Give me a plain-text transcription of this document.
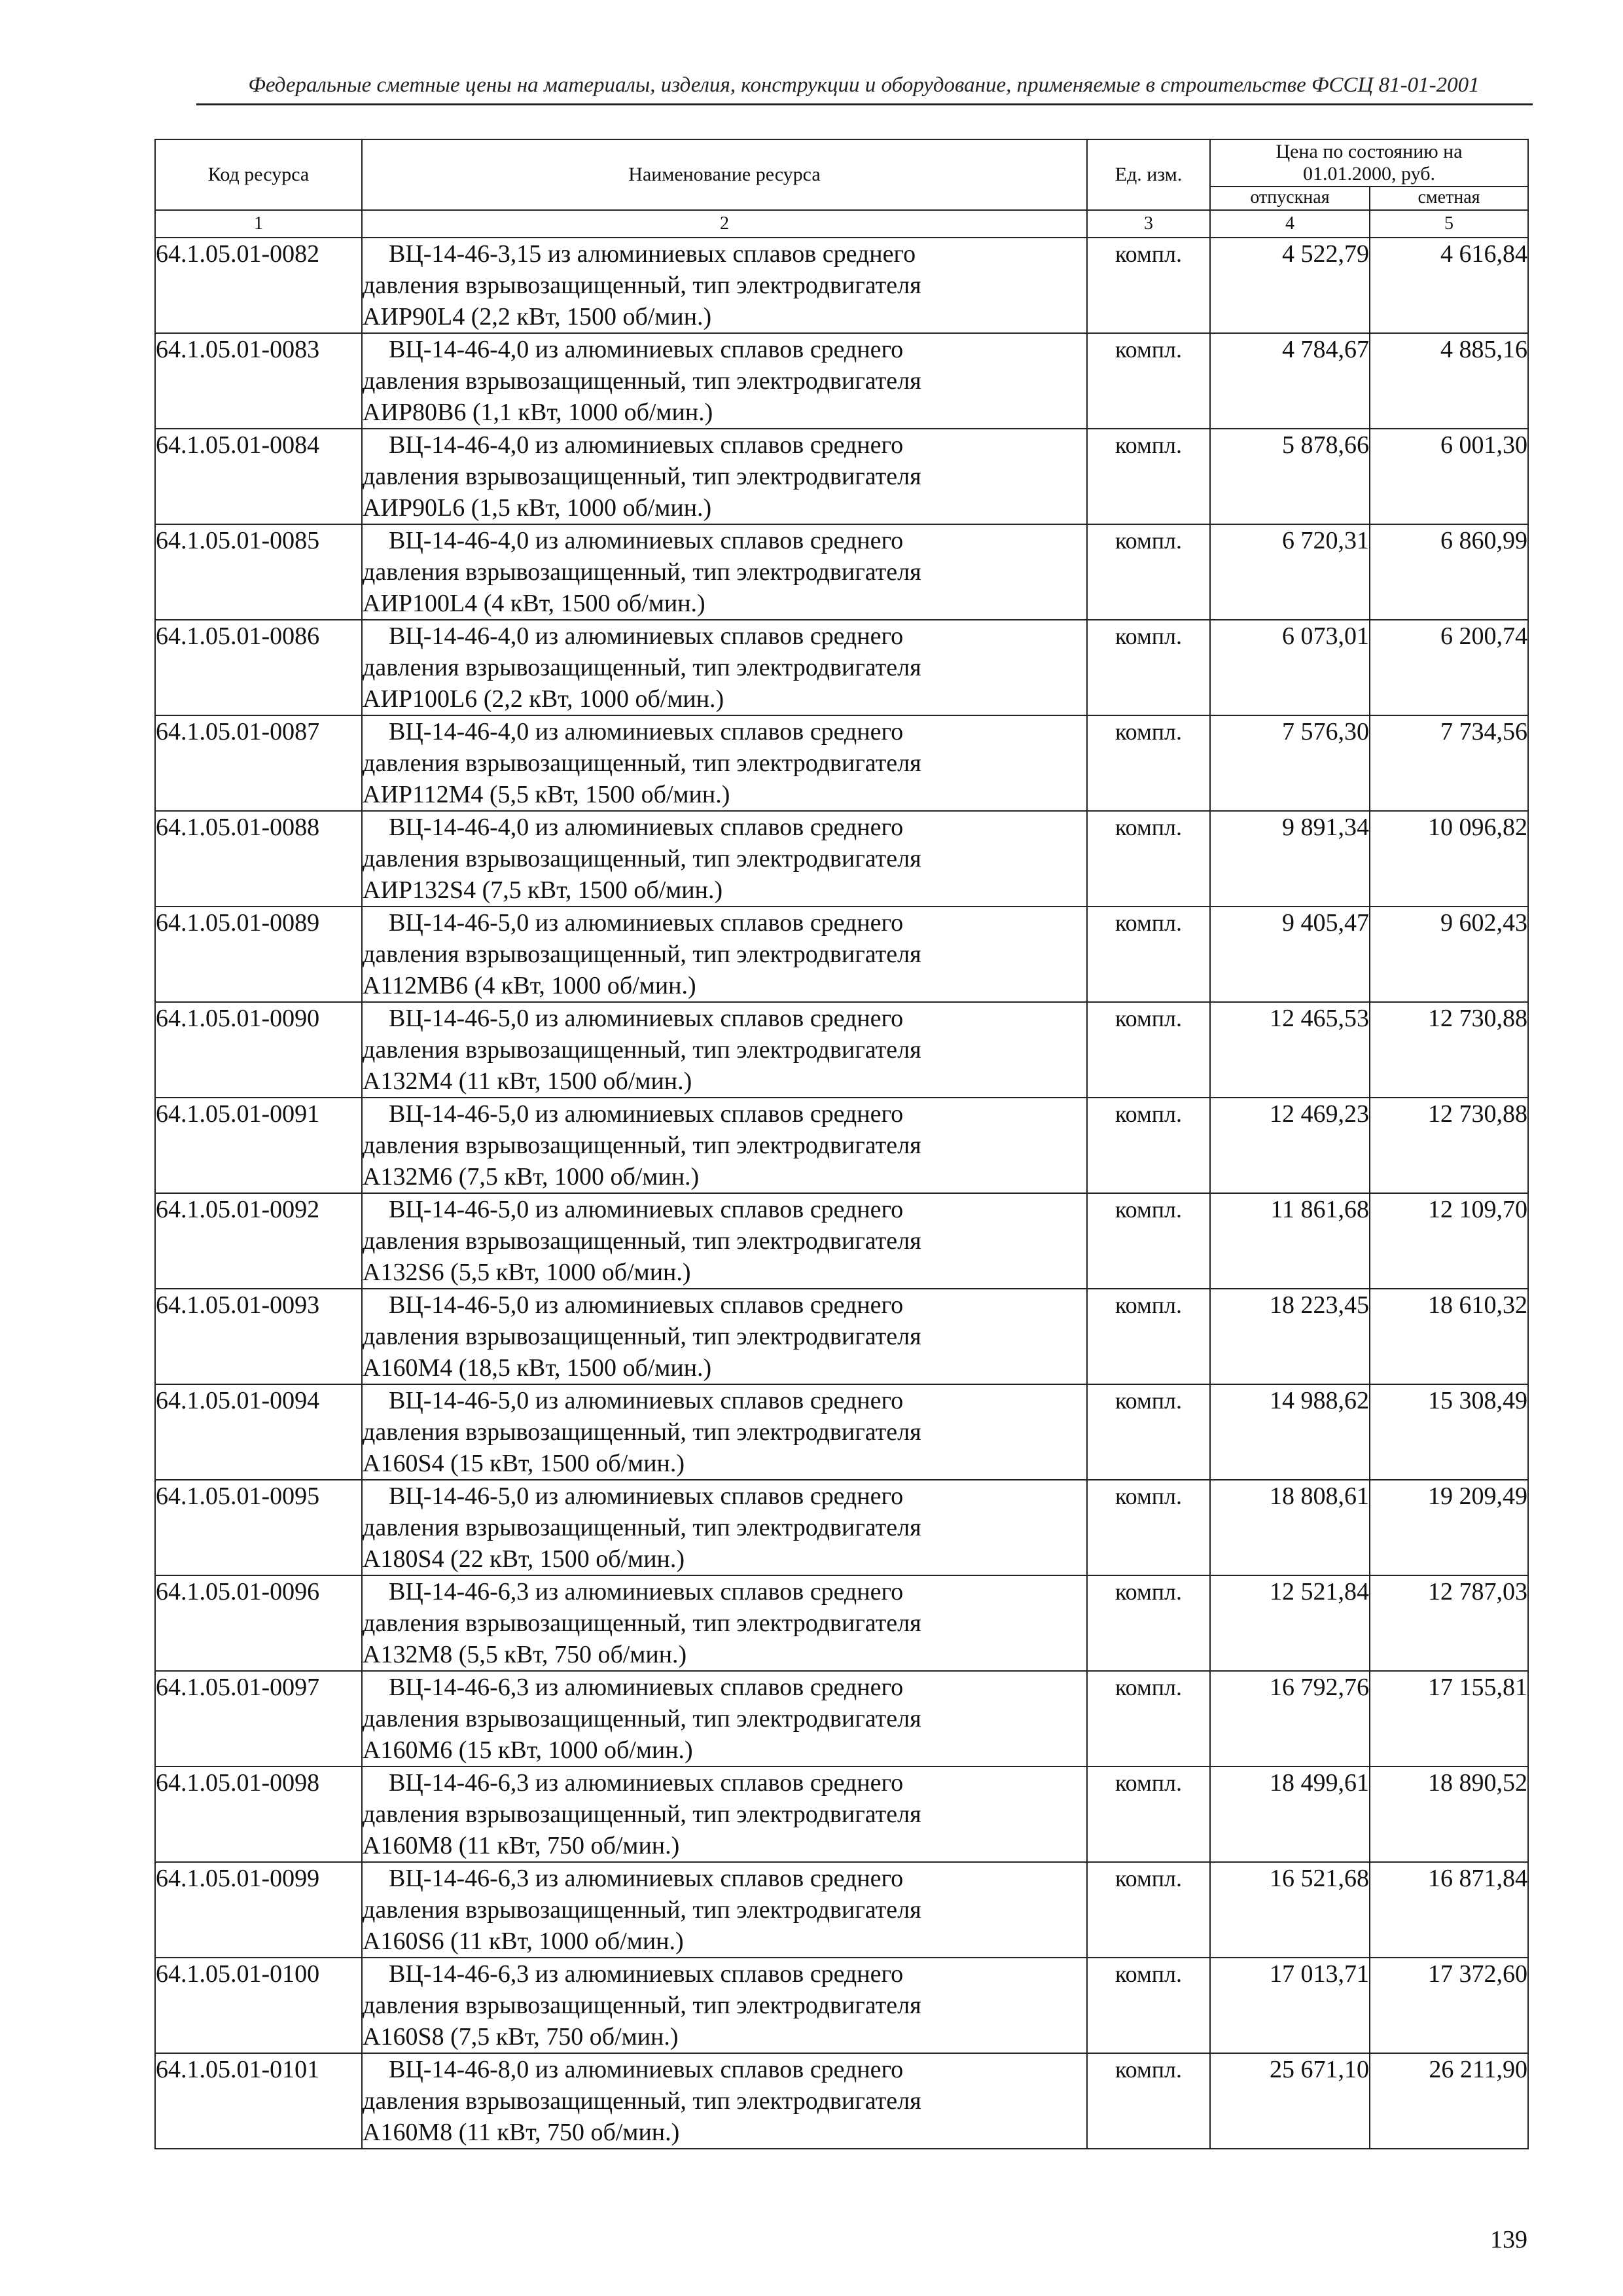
Федеральные сметные цены на материалы, изделия, конструкции и оборудование, применяемые в строительстве ФССЦ 81-01-2001
Код ресурса	Наименование ресурса	Ед. изм.	Цена по состоянию на 01.01.2000, руб.	
			отпускная	сметная
1	2	3	4	5
64.1.05.01-0082	ВЦ-14-46-3,15 из алюминиевых сплавов среднего
давления взрывозащищенный, тип электродвигателя
АИР90L4 (2,2 кВт, 1500 об/мин.)	компл.	4 522,79	4 616,84
64.1.05.01-0083	ВЦ-14-46-4,0 из алюминиевых сплавов среднего
давления взрывозащищенный, тип электродвигателя
АИР80В6 (1,1 кВт, 1000 об/мин.)	компл.	4 784,67	4 885,16
64.1.05.01-0084	ВЦ-14-46-4,0 из алюминиевых сплавов среднего
давления взрывозащищенный, тип электродвигателя
АИР90L6 (1,5 кВт, 1000 об/мин.)	компл.	5 878,66	6 001,30
64.1.05.01-0085	ВЦ-14-46-4,0 из алюминиевых сплавов среднего
давления взрывозащищенный, тип электродвигателя
АИР100L4 (4 кВт, 1500 об/мин.)	компл.	6 720,31	6 860,99
64.1.05.01-0086	ВЦ-14-46-4,0 из алюминиевых сплавов среднего
давления взрывозащищенный, тип электродвигателя
АИР100L6 (2,2 кВт, 1000 об/мин.)	компл.	6 073,01	6 200,74
64.1.05.01-0087	ВЦ-14-46-4,0 из алюминиевых сплавов среднего
давления взрывозащищенный, тип электродвигателя
АИР112М4 (5,5 кВт, 1500 об/мин.)	компл.	7 576,30	7 734,56
64.1.05.01-0088	ВЦ-14-46-4,0 из алюминиевых сплавов среднего
давления взрывозащищенный, тип электродвигателя
АИР132S4 (7,5 кВт, 1500 об/мин.)	компл.	9 891,34	10 096,82
64.1.05.01-0089	ВЦ-14-46-5,0 из алюминиевых сплавов среднего
давления взрывозащищенный, тип электродвигателя
А112МВ6 (4 кВт, 1000 об/мин.)	компл.	9 405,47	9 602,43
64.1.05.01-0090	ВЦ-14-46-5,0 из алюминиевых сплавов среднего
давления взрывозащищенный, тип электродвигателя
А132М4 (11 кВт, 1500 об/мин.)	компл.	12 465,53	12 730,88
64.1.05.01-0091	ВЦ-14-46-5,0 из алюминиевых сплавов среднего
давления взрывозащищенный, тип электродвигателя
А132М6 (7,5 кВт, 1000 об/мин.)	компл.	12 469,23	12 730,88
64.1.05.01-0092	ВЦ-14-46-5,0 из алюминиевых сплавов среднего
давления взрывозащищенный, тип электродвигателя
А132S6 (5,5 кВт, 1000 об/мин.)	компл.	11 861,68	12 109,70
64.1.05.01-0093	ВЦ-14-46-5,0 из алюминиевых сплавов среднего
давления взрывозащищенный, тип электродвигателя
А160М4 (18,5 кВт, 1500 об/мин.)	компл.	18 223,45	18 610,32
64.1.05.01-0094	ВЦ-14-46-5,0 из алюминиевых сплавов среднего
давления взрывозащищенный, тип электродвигателя
А160S4 (15 кВт, 1500 об/мин.)	компл.	14 988,62	15 308,49
64.1.05.01-0095	ВЦ-14-46-5,0 из алюминиевых сплавов среднего
давления взрывозащищенный, тип электродвигателя
А180S4 (22 кВт, 1500 об/мин.)	компл.	18 808,61	19 209,49
64.1.05.01-0096	ВЦ-14-46-6,3 из алюминиевых сплавов среднего
давления взрывозащищенный, тип электродвигателя
А132М8 (5,5 кВт, 750 об/мин.)	компл.	12 521,84	12 787,03
64.1.05.01-0097	ВЦ-14-46-6,3 из алюминиевых сплавов среднего
давления взрывозащищенный, тип электродвигателя
А160М6 (15 кВт, 1000 об/мин.)	компл.	16 792,76	17 155,81
64.1.05.01-0098	ВЦ-14-46-6,3 из алюминиевых сплавов среднего
давления взрывозащищенный, тип электродвигателя
А160М8 (11 кВт, 750 об/мин.)	компл.	18 499,61	18 890,52
64.1.05.01-0099	ВЦ-14-46-6,3 из алюминиевых сплавов среднего
давления взрывозащищенный, тип электродвигателя
А160S6 (11 кВт, 1000 об/мин.)	компл.	16 521,68	16 871,84
64.1.05.01-0100	ВЦ-14-46-6,3 из алюминиевых сплавов среднего
давления взрывозащищенный, тип электродвигателя
А160S8 (7,5 кВт, 750 об/мин.)	компл.	17 013,71	17 372,60
64.1.05.01-0101	ВЦ-14-46-8,0 из алюминиевых сплавов среднего
давления взрывозащищенный, тип электродвигателя
А160М8 (11 кВт, 750 об/мин.)	компл.	25 671,10	26 211,90
139
